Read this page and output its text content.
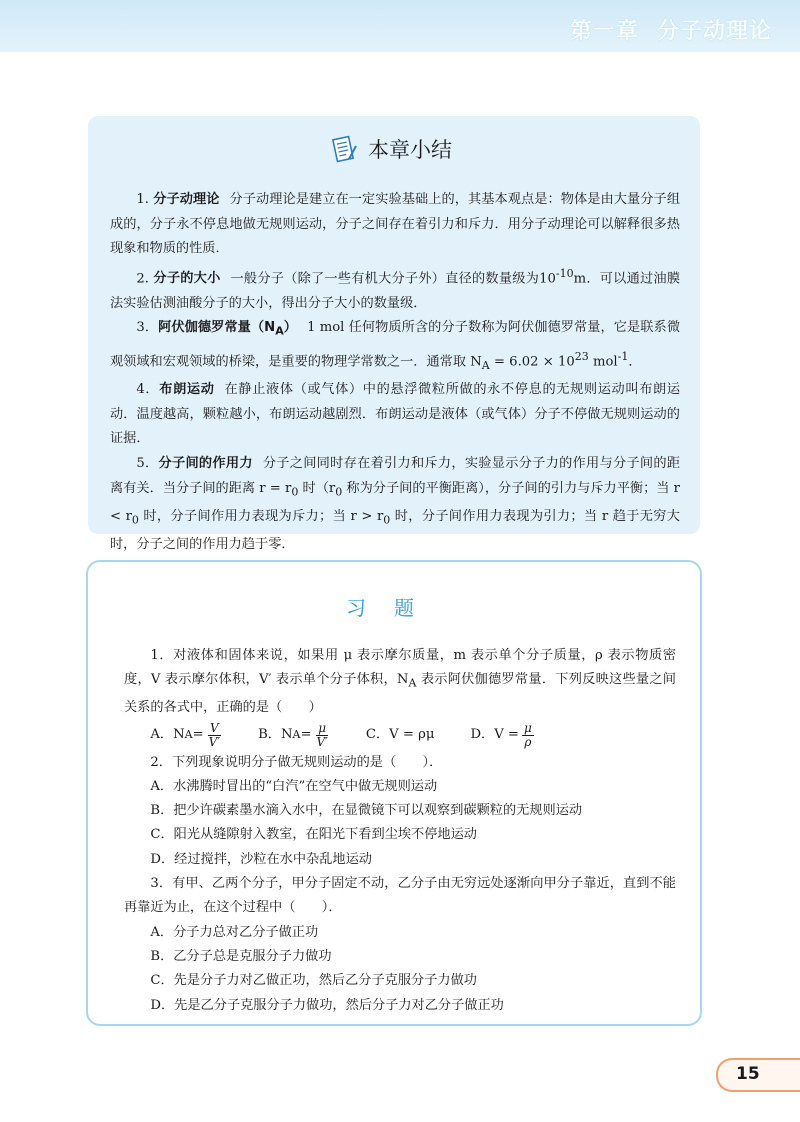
第一章 分子动理论
本章小结

1. 分子动理论 分子动理论是建立在一定实验基础上的，其基本观点是：物体是由大量分子组成的，分子永不停息地做无规则运动，分子之间存在着引力和斥力．用分子动理论可以解释很多热现象和物质的性质．

2. 分子的大小 一般分子（除了一些有机大分子外）直径的数量级为$10^{-10}m$．可以通过油膜法实验估测油酸分子的大小，得出分子大小的数量级．

3．阿伏伽德罗常量$(N_A)$ 1 mol 任何物质所含的分子数称为阿伏伽德罗常量，它是联系微观领域和宏观领域的桥梁，是重要的物理学常数之一．通常取 $N_A = 6.02 \times 10^{23}$ mol$^{-1}$．

4．布朗运动 在静止液体（或气体）中的悬浮微粒所做的永不停息的无规则运动叫布朗运动．温度越高，颗粒越小，布朗运动越剧烈．布朗运动是液体（或气体）分子不停做无规则运动的证据．

5．分子间的作用力 分子之间同时存在着引力和斥力，实验显示分子力的作用与分子间的距离有关．当分子间的距离 $r = r_0$ 时（$r_0$ 称为分子间的平衡距离），分子间的引力与斥力平衡；当 $r < r_0$ 时，分子间作用力表现为斥力；当 $r > r_0$ 时，分子间作用力表现为引力；当 r 趋于无穷大时，分子之间的作用力趋于零．

习题

1．对液体和固体来说，如果用 μ 表示摩尔质量，m 表示单个分子质量，ρ 表示物质密度，V 表示摩尔体积，V′ 表示单个分子体积，$N_A$ 表示阿伏伽德罗常量．下列反映这些量之间关系的各式中，正确的是（　　）

A．N $A = \frac{V}{V'}$	B．N $A = \frac{\mu}{V'}$	C．V = ρμ	D．$V = \frac{\mu}{\rho}$

2．下列现象说明分子做无规则运动的是（　　）．

A．水沸腾时冒出的“白汽”在空气中做无规则运动

B．把少许碳素墨水滴入水中，在显微镜下可以观察到碳颗粒的无规则运动

C．阳光从缝隙射入教室，在阳光下看到尘埃不停地运动

D．经过搅拌，沙粒在水中杂乱地运动

3．有甲、乙两个分子，甲分子固定不动，乙分子由无穷远处逐渐向甲分子靠近，直到不能再靠近为止，在这个过程中（　　）．

A．分子力总对乙分子做正功

B．乙分子总是克服分子力做功

C．先是分子力对乙做正功，然后乙分子克服分子力做功

D．先是乙分子克服分子力做功，然后分子力对乙分子做正功

15
